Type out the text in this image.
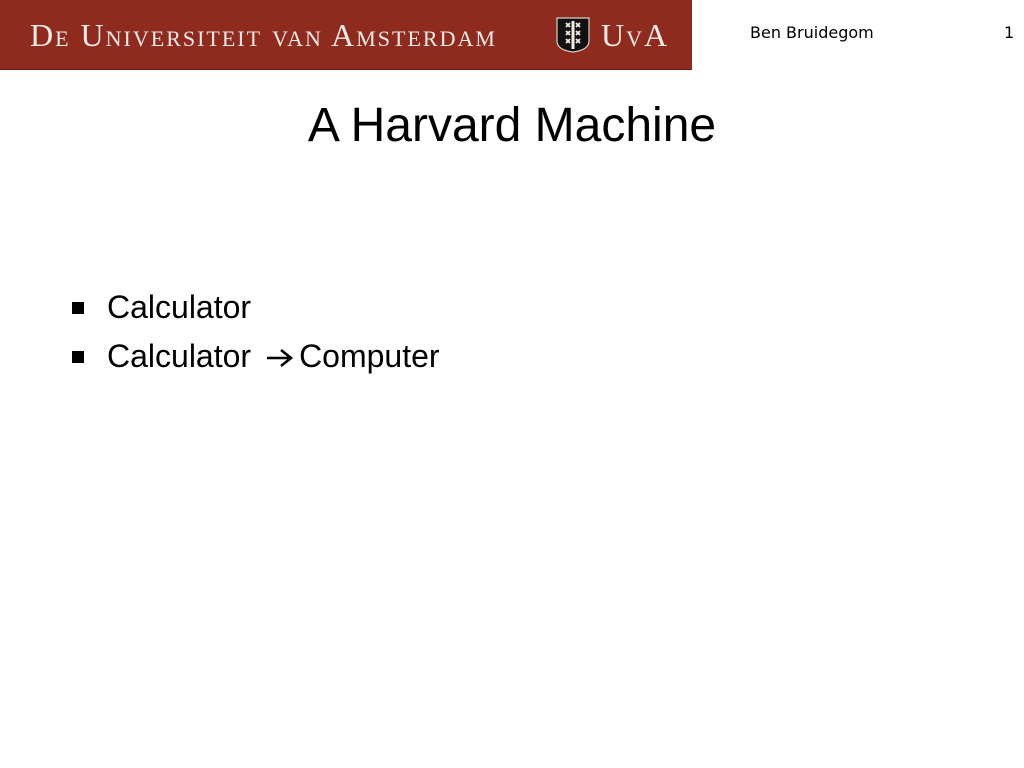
De Universiteit van Amsterdam	UvA	Ben Bruidegom	1
A Harvard Machine
Calculator
Calculator Computer
